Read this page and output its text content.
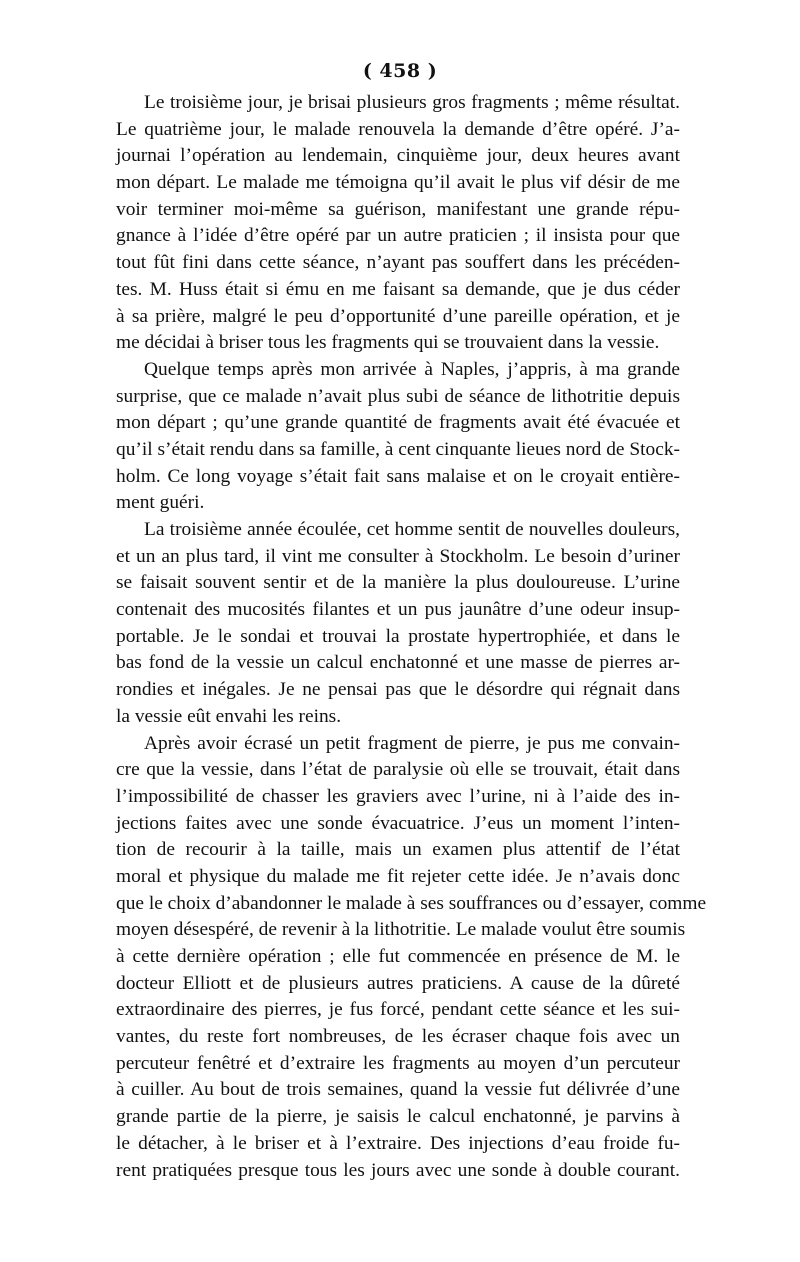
( 458 )
Le troisième jour, je brisai plusieurs gros fragments ; même résultat.
Le quatrième jour, le malade renouvela la demande d’être opéré. J’a-
journai l’opération au lendemain, cinquième jour, deux heures avant
mon départ. Le malade me témoigna qu’il avait le plus vif désir de me
voir terminer moi-même sa guérison, manifestant une grande répu-
gnance à l’idée d’être opéré par un autre praticien ; il insista pour que
tout fût fini dans cette séance, n’ayant pas souffert dans les précéden-
tes. M. Huss était si ému en me faisant sa demande, que je dus céder
à sa prière, malgré le peu d’opportunité d’une pareille opération, et je
me décidai à briser tous les fragments qui se trouvaient dans la vessie.
Quelque temps après mon arrivée à Naples, j’appris, à ma grande
surprise, que ce malade n’avait plus subi de séance de lithotritie depuis
mon départ ; qu’une grande quantité de fragments avait été évacuée et
qu’il s’était rendu dans sa famille, à cent cinquante lieues nord de Stock-
holm. Ce long voyage s’était fait sans malaise et on le croyait entière-
ment guéri.
La troisième année écoulée, cet homme sentit de nouvelles douleurs,
et un an plus tard, il vint me consulter à Stockholm. Le besoin d’uriner
se faisait souvent sentir et de la manière la plus douloureuse. L’urine
contenait des mucosités filantes et un pus jaunâtre d’une odeur insup-
portable. Je le sondai et trouvai la prostate hypertrophiée, et dans le
bas fond de la vessie un calcul enchatonné et une masse de pierres ar-
rondies et inégales. Je ne pensai pas que le désordre qui régnait dans
la vessie eût envahi les reins.
Après avoir écrasé un petit fragment de pierre, je pus me convain-
cre que la vessie, dans l’état de paralysie où elle se trouvait, était dans
l’impossibilité de chasser les graviers avec l’urine, ni à l’aide des in-
jections faites avec une sonde évacuatrice. J’eus un moment l’inten-
tion de recourir à la taille, mais un examen plus attentif de l’état
moral et physique du malade me fit rejeter cette idée. Je n’avais donc
que le choix d’abandonner le malade à ses souffrances ou d’essayer, comme
moyen désespéré, de revenir à la lithotritie. Le malade voulut être soumis
à cette dernière opération ; elle fut commencée en présence de M. le
docteur Elliott et de plusieurs autres praticiens. A cause de la dûreté
extraordinaire des pierres, je fus forcé, pendant cette séance et les sui-
vantes, du reste fort nombreuses, de les écraser chaque fois avec un
percuteur fenêtré et d’extraire les fragments au moyen d’un percuteur
à cuiller. Au bout de trois semaines, quand la vessie fut délivrée d’une
grande partie de la pierre, je saisis le calcul enchatonné, je parvins à
le détacher, à le briser et à l’extraire. Des injections d’eau froide fu-
rent pratiquées presque tous les jours avec une sonde à double courant.
